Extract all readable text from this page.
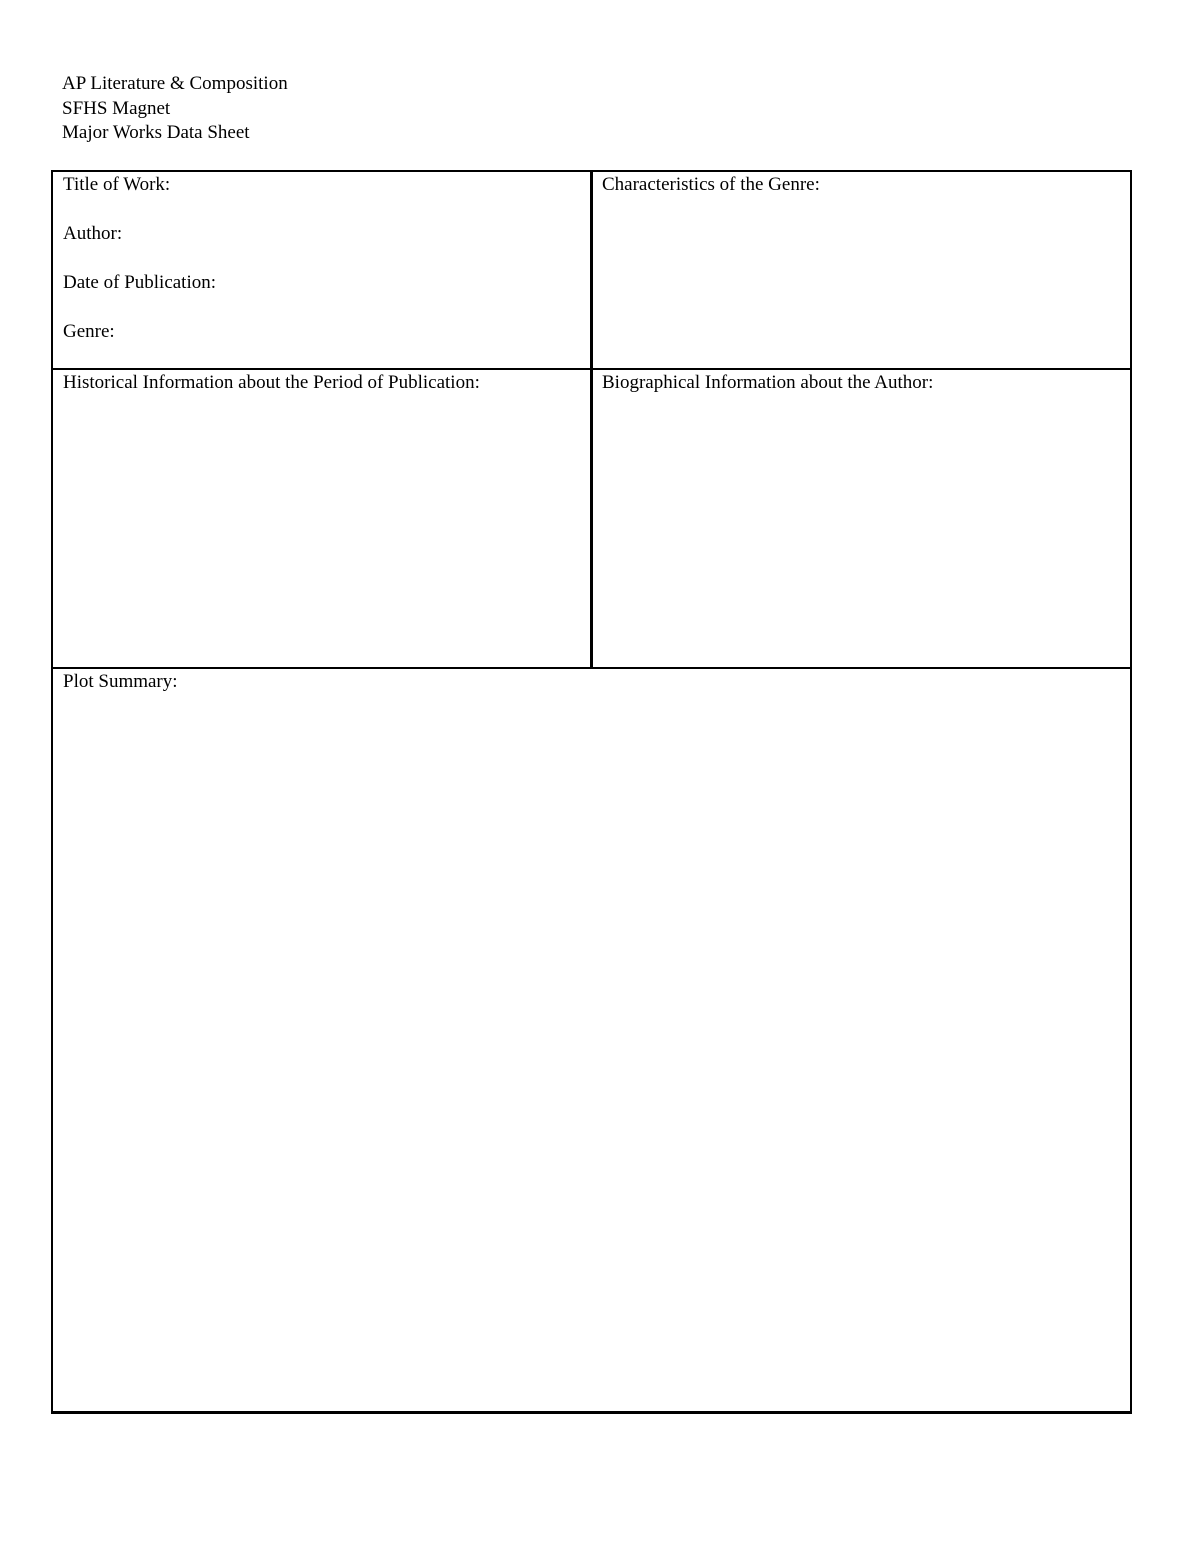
AP Literature & Composition
SFHS Magnet
Major Works Data Sheet
Title of Work:
Author:
Date of Publication:
Genre:
Characteristics of the Genre:
Historical Information about the Period of Publication:	Biographical Information about the Author:
Plot Summary:
